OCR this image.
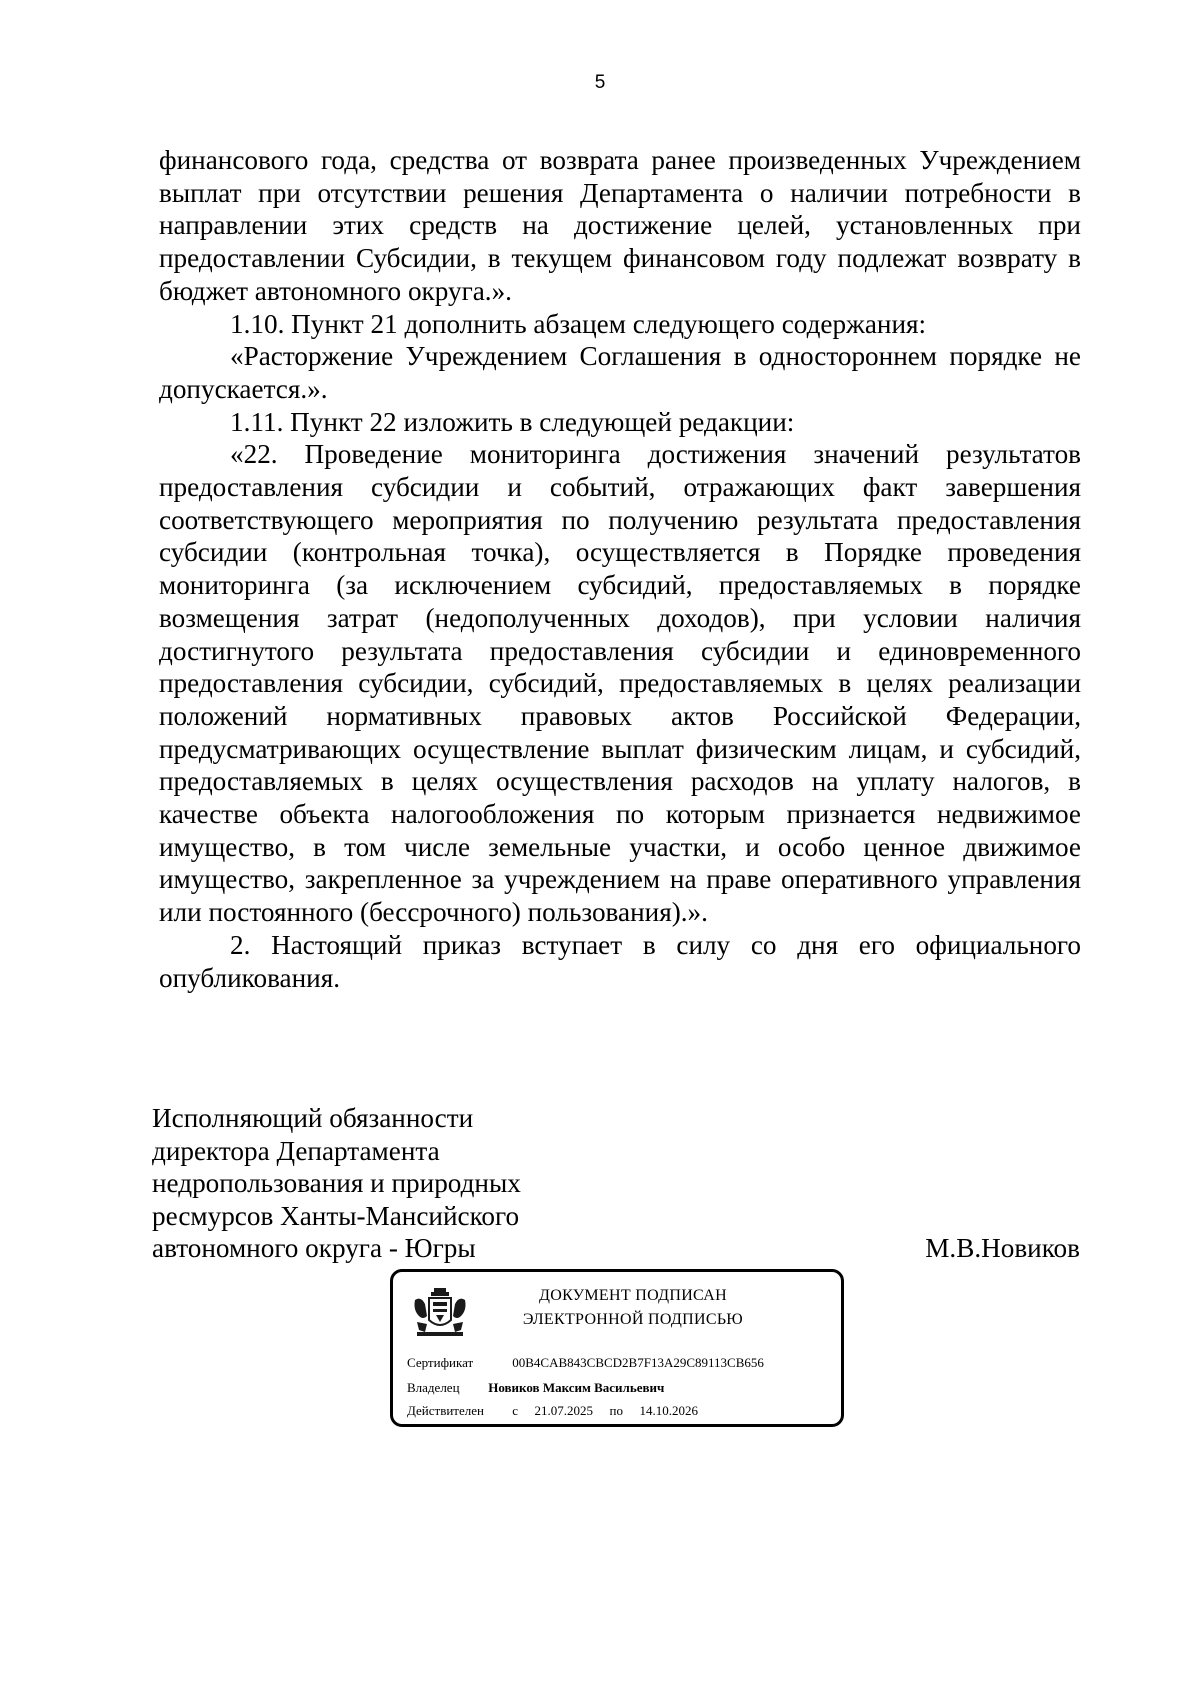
5

финансового года, средства от возврата ранее произведенных Учреждением выплат при отсутствии решения Департамента о наличии потребности в направлении этих средств на достижение целей, установленных при предоставлении Субсидии, в текущем финансовом году подлежат возврату в бюджет автономного округа.».

1.10. Пункт 21 дополнить абзацем следующего содержания:

«Расторжение Учреждением Соглашения в одностороннем порядке не допускается.».

1.11. Пункт 22 изложить в следующей редакции:

«22. Проведение мониторинга достижения значений результатов предоставления субсидии и событий, отражающих факт завершения соответствующего мероприятия по получению результата предоставления субсидии (контрольная точка), осуществляется в Порядке проведения мониторинга (за исключением субсидий, предоставляемых в порядке возмещения затрат (недополученных доходов), при условии наличия достигнутого результата предоставления субсидии и единовременного предоставления субсидии, субсидий, предоставляемых в целях реализации положений нормативных правовых актов Российской Федерации, предусматривающих осуществление выплат физическим лицам, и субсидий, предоставляемых в целях осуществления расходов на уплату налогов, в качестве объекта налогообложения по которым признается недвижимое имущество, в том числе земельные участки, и особо ценное движимое имущество, закрепленное за учреждением на праве оперативного управления или постоянного (бессрочного) пользования).».

2. Настоящий приказ вступает в силу со дня его официального опубликования.

Исполняющий обязанности
директора Департамента
недропользования и природных
ресмурсов Ханты-Мансийского
автономного округа - Югры	М.В.Новиков
ДОКУМЕНТ ПОДПИСАН
ЭЛЕКТРОННОЙ ПОДПИСЬЮ
Сертификат	00B4CAB843CBCD2B7F13A29C89113CB656
Владелец Новиков Максим Васильевич
Действителен с 21.07.2025 по 14.10.2026
